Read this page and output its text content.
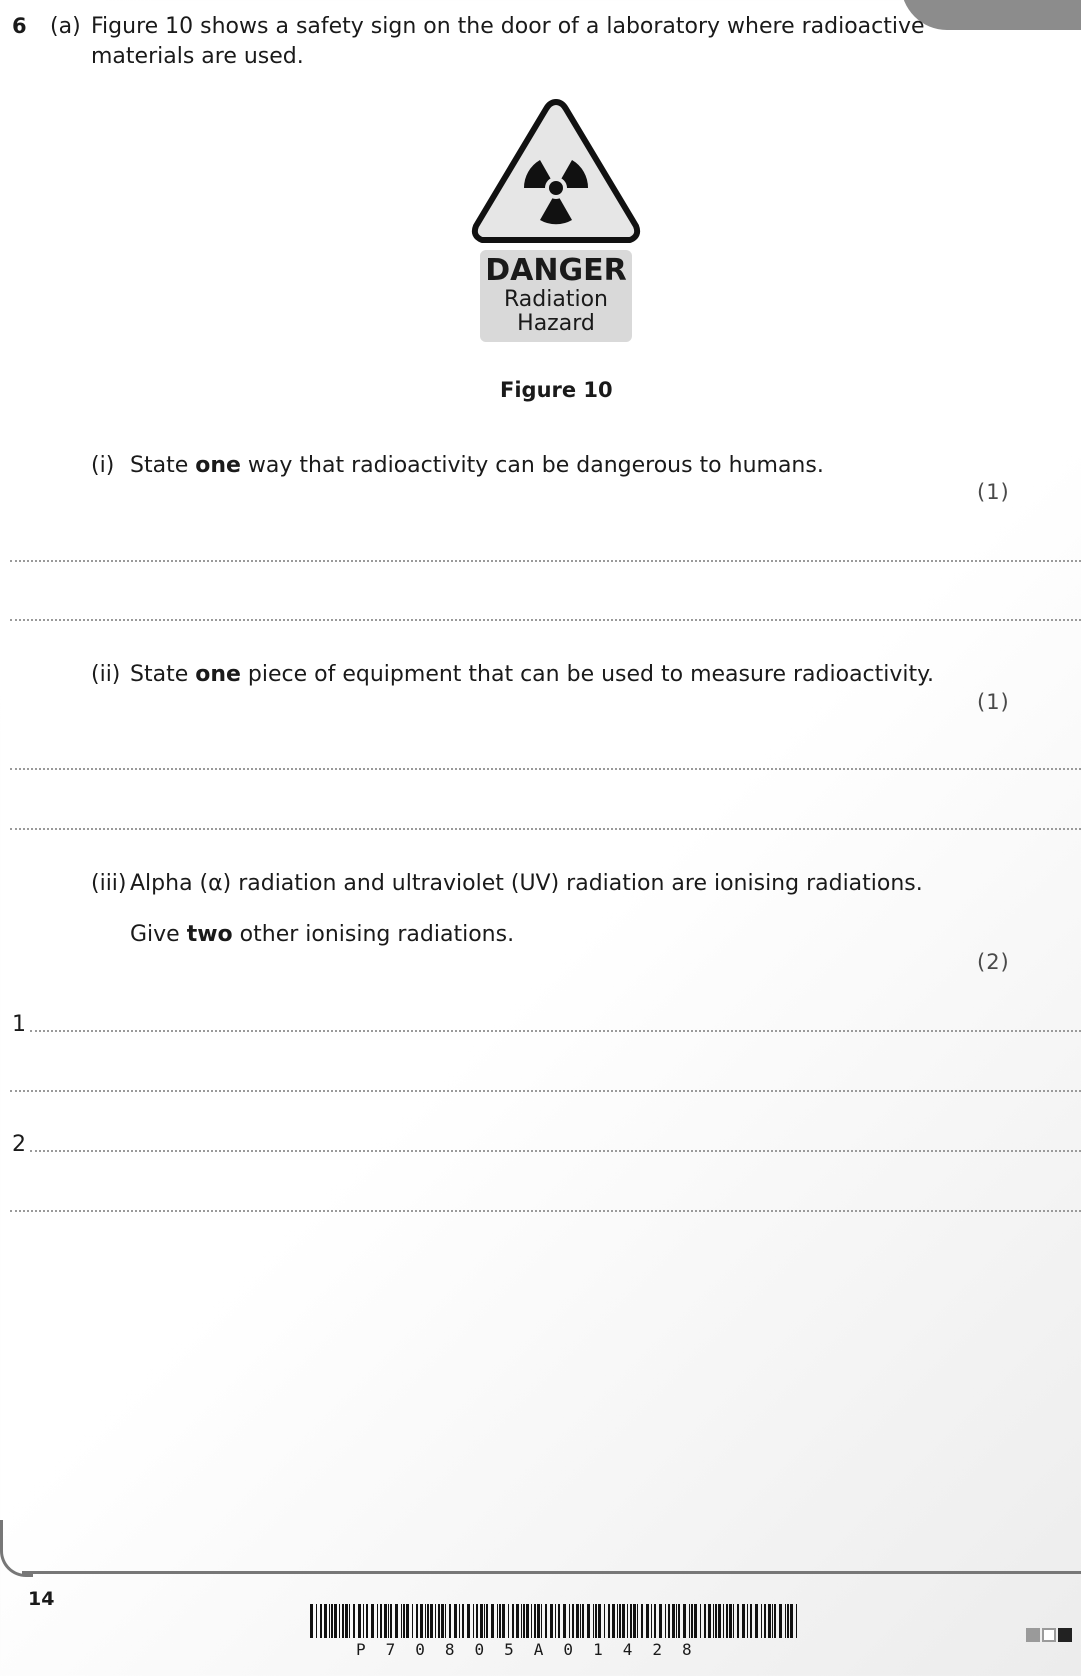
6 (a) Figure 10 shows a safety sign on the door of a laboratory where radioactive
materials are used.
DANGER
Radiation
Hazard
Figure 10
(i) State one way that radioactivity can be dangerous to humans.
(1)
(ii) State one piece of equipment that can be used to measure radioactivity.
(1)
(iii) Alpha (α) radiation and ultraviolet (UV) radiation are ionising radiations.
Give two other ionising radiations.
(2)
1
2
14
P70805A01428
